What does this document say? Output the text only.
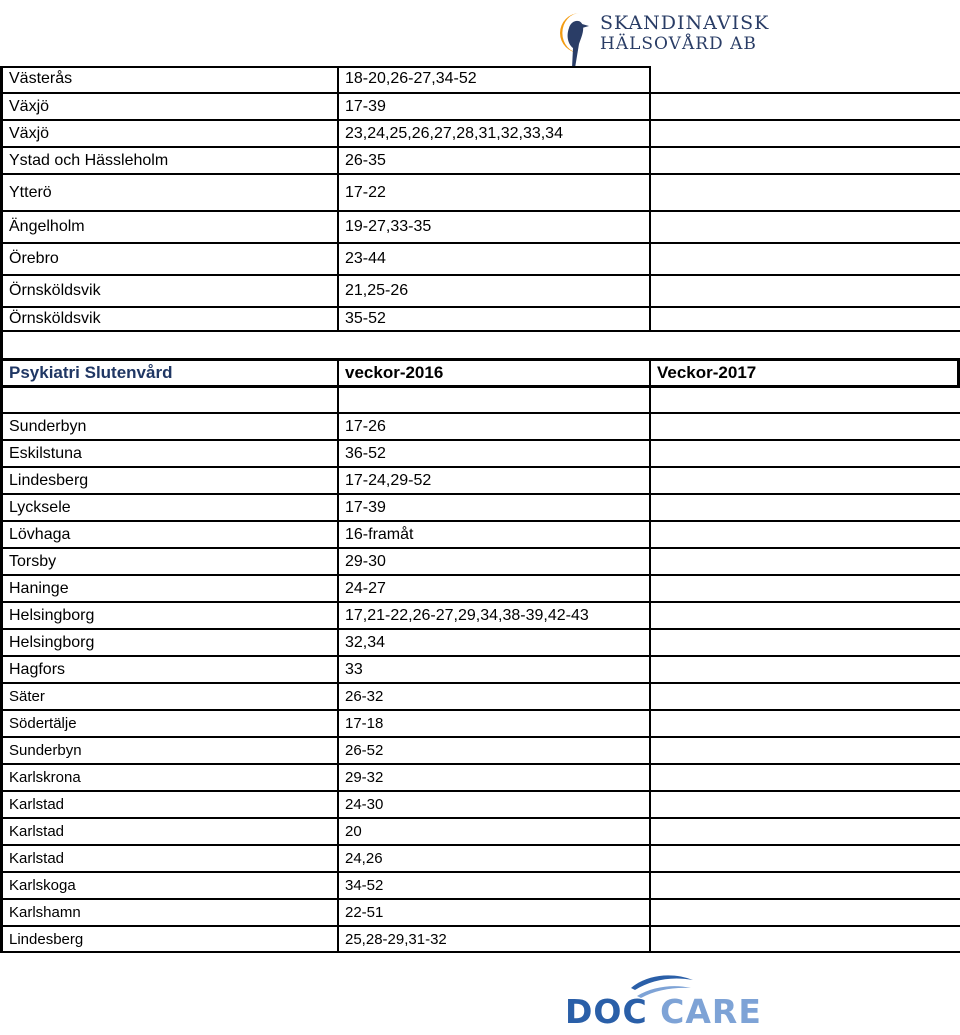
SKANDINAVISK
HÄLSOVÅRD AB
Västerås	18-20,26-27,34-52
Växjö	17-39
Växjö	23,24,25,26,27,28,31,32,33,34
Ystad och Hässleholm	26-35
Ytterö	17-22
Ängelholm	19-27,33-35
Örebro	23-44
Örnsköldsvik	21,25-26
Örnsköldsvik	35-52
Psykiatri Slutenvård	veckor-2016	Veckor-2017
Sunderbyn	17-26
Eskilstuna	36-52
Lindesberg	17-24,29-52
Lycksele	17-39
Lövhaga	16-framåt
Torsby	29-30
Haninge	24-27
Helsingborg	17,21-22,26-27,29,34,38-39,42-43
Helsingborg	32,34
Hagfors	33
Säter	26-32
Södertälje	17-18
Sunderbyn	26-52
Karlskrona	29-32
Karlstad	24-30
Karlstad	20
Karlstad	24,26
Karlskoga	34-52
Karlshamn	22-51
Lindesberg	25,28-29,31-32
DOC CARE
